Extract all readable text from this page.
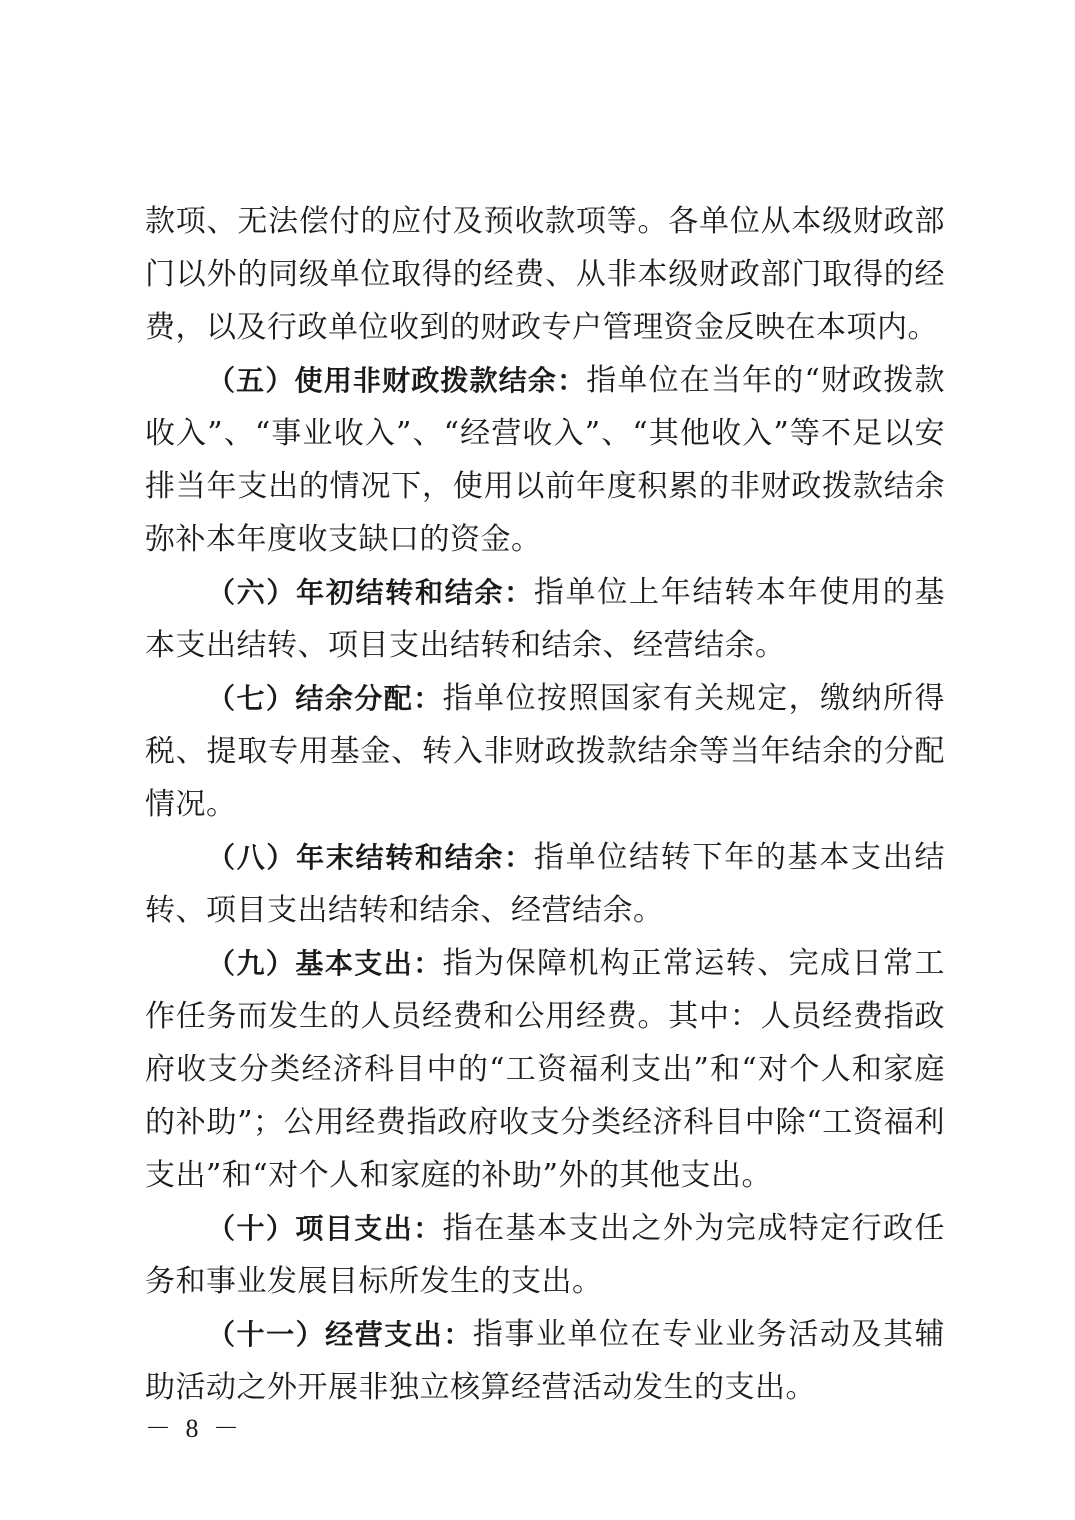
款项、无法偿付的应付及预收款项等。各单位从本级财政部门以外的同级单位取得的经费、从非本级财政部门取得的经费，以及行政单位收到的财政专户管理资金反映在本项内。

（五）使用非财政拨款结余：指单位在当年的“财政拨款收入”、“事业收入”、“经营收入”、“其他收入”等不足以安排当年支出的情况下，使用以前年度积累的非财政拨款结余弥补本年度收支缺口的资金。

（六）年初结转和结余：指单位上年结转本年使用的基本支出结转、项目支出结转和结余、经营结余。

（七）结余分配：指单位按照国家有关规定，缴纳所得税、提取专用基金、转入非财政拨款结余等当年结余的分配情况。

（八）年末结转和结余：指单位结转下年的基本支出结转、项目支出结转和结余、经营结余。

（九）基本支出：指为保障机构正常运转、完成日常工作任务而发生的人员经费和公用经费。其中：人员经费指政府收支分类经济科目中的“工资福利支出”和“对个人和家庭的补助”；公用经费指政府收支分类经济科目中除“工资福利支出”和“对个人和家庭的补助”外的其他支出。

（十）项目支出：指在基本支出之外为完成特定行政任务和事业发展目标所发生的支出。

（十一）经营支出：指事业单位在专业业务活动及其辅助活动之外开展非独立核算经营活动发生的支出。

－ 8 －
